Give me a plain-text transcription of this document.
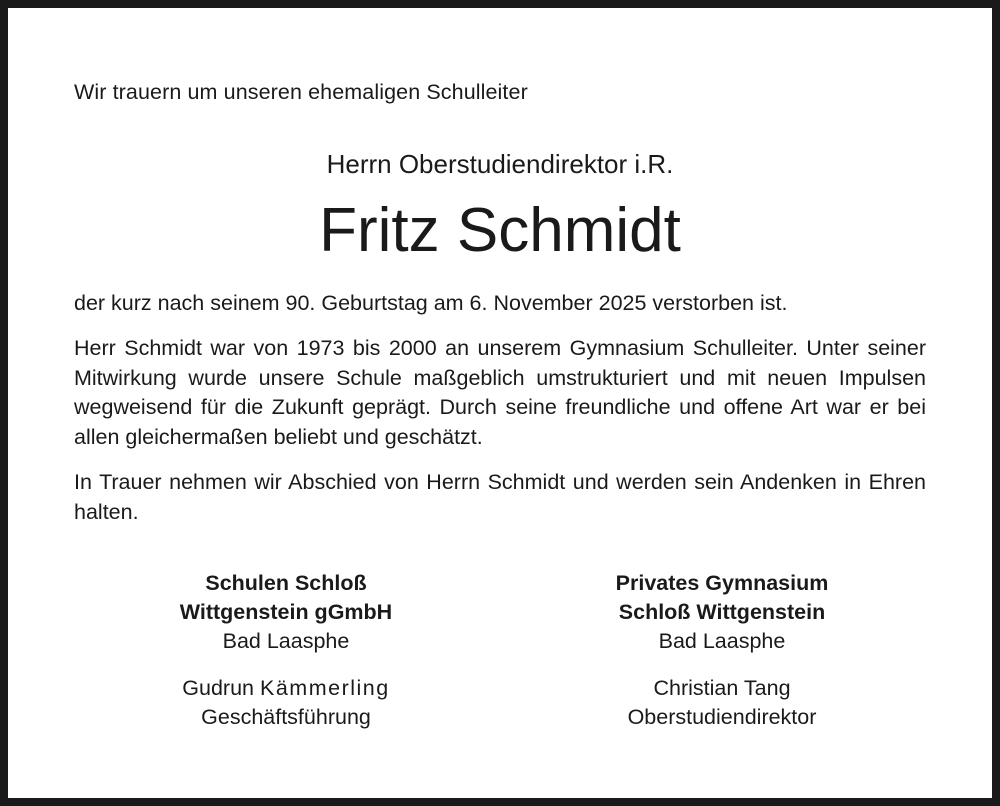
Wir trauern um unseren ehemaligen Schulleiter
Herrn Oberstudiendirektor i.R.
Fritz Schmidt
der kurz nach seinem 90. Geburtstag am 6. November 2025 verstorben ist.
Herr Schmidt war von 1973 bis 2000 an unserem Gymnasium Schulleiter. Unter seiner Mitwirkung wurde unsere Schule maßgeblich umstrukturiert und mit neuen Impulsen wegweisend für die Zukunft geprägt. Durch seine freundliche und offene Art war er bei allen gleichermaßen beliebt und geschätzt.
In Trauer nehmen wir Abschied von Herrn Schmidt und werden sein Andenken in Ehren halten.
Schulen Schloß
Wittgenstein gGmbH
Bad Laasphe
Privates Gymnasium
Schloß Wittgenstein
Bad Laasphe
Gudrun Kämmerling
Geschäftsführung
Christian Tang
Oberstudiendirektor
